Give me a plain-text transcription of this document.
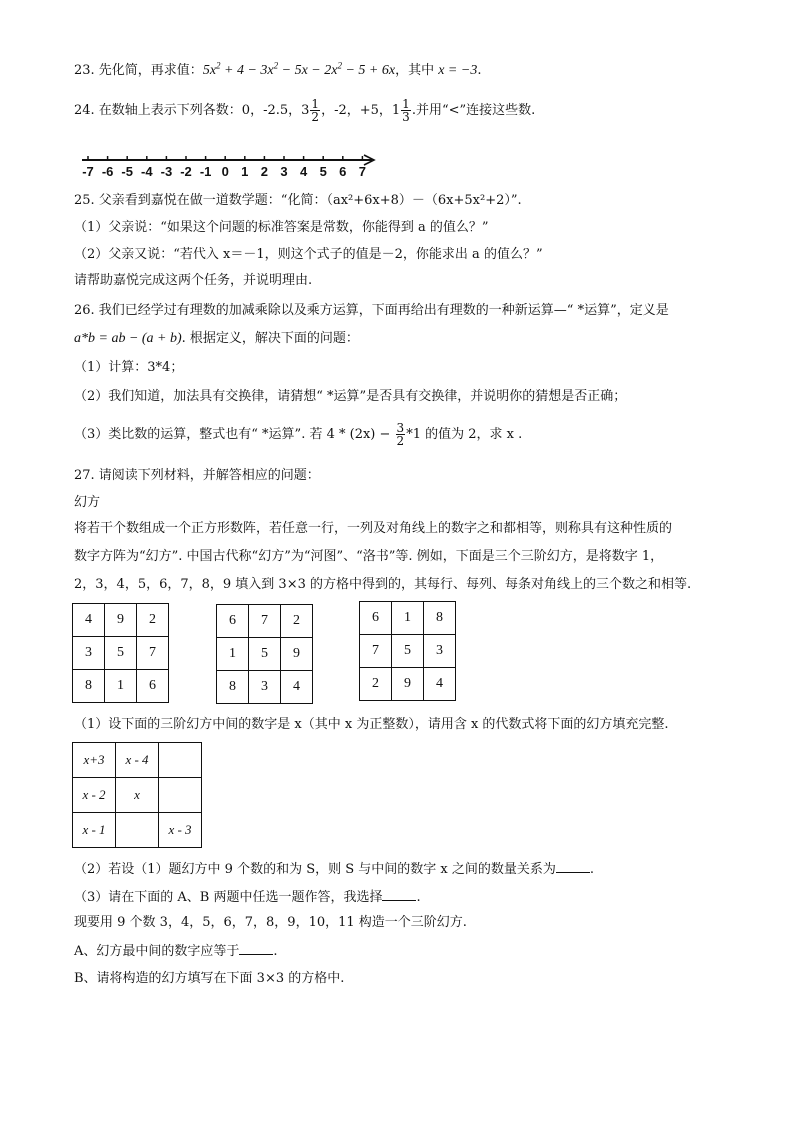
23. 先化简，再求值：$5x^2 + 4 - 3x^2 - 5x - 2x^2 - 5 + 6x$，其中 x = −3.
24. 在数轴上表示下列各数：0，-2.5，$3 \frac{1}{2}$ ，-2，+5，$1 \frac{1}{3}$ .并用“<”连接这些数.
-7 -6 -5 -4 -3 -2 -1 0 1 2 3 4 5 6 7
25. 父亲看到嘉悦在做一道数学题：“化简：（ax²+6x+8）－（6x+5x²+2）”.
（1）父亲说：“如果这个问题的标准答案是常数，你能得到 a 的值么？”
（2）父亲又说：“若代入 x＝－1，则这个式子的值是－2，你能求出 a 的值么？”
请帮助嘉悦完成这两个任务，并说明理由.
26. 我们已经学过有理数的加减乘除以及乘方运算，下面再给出有理数的一种新运算—“ *运算”，定义是
a*b = ab − (a + b). 根据定义，解决下面的问题：
（1）计算：3*4；
（2）我们知道，加法具有交换律，请猜想“ *运算”是否具有交换律，并说明你的猜想是否正确；
（3）类比数的运算，整式也有“ *运算”. 若 $4 * (2x) - \frac{3}{2} *1$ 的值为 2，求 x .
27. 请阅读下列材料，并解答相应的问题：
幻方
将若干个数组成一个正方形数阵，若任意一行，一列及对角线上的数字之和都相等，则称具有这种性质的
数字方阵为“幻方”. 中国古代称“幻方”为“河图”、“洛书”等. 例如，下面是三个三阶幻方，是将数字 1，
2，3，4，5，6，7，8，9 填入到 3×3 的方格中得到的，其每行、每列、每条对角线上的三个数之和相等.
4	9	2
3	5	7
8	1	6
6	7	2
1	5	9
8	3	4
6	1	8
7	5	3
2	9	4
（1）设下面的三阶幻方中间的数字是 x（其中 x 为正整数），请用含 x 的代数式将下面的幻方填充完整.
x+3	x - 4	
x - 2	x	
x - 1		x - 3
（2）若设（1）题幻方中 9 个数的和为 S，则 S 与中间的数字 x 之间的数量关系为	.
（3）请在下面的 A、B 两题中任选一题作答，我选择	.
现要用 9 个数 3，4，5，6，7，8，9，10，11 构造一个三阶幻方.
A、幻方最中间的数字应等于	.
B、请将构造的幻方填写在下面 3×3 的方格中.
